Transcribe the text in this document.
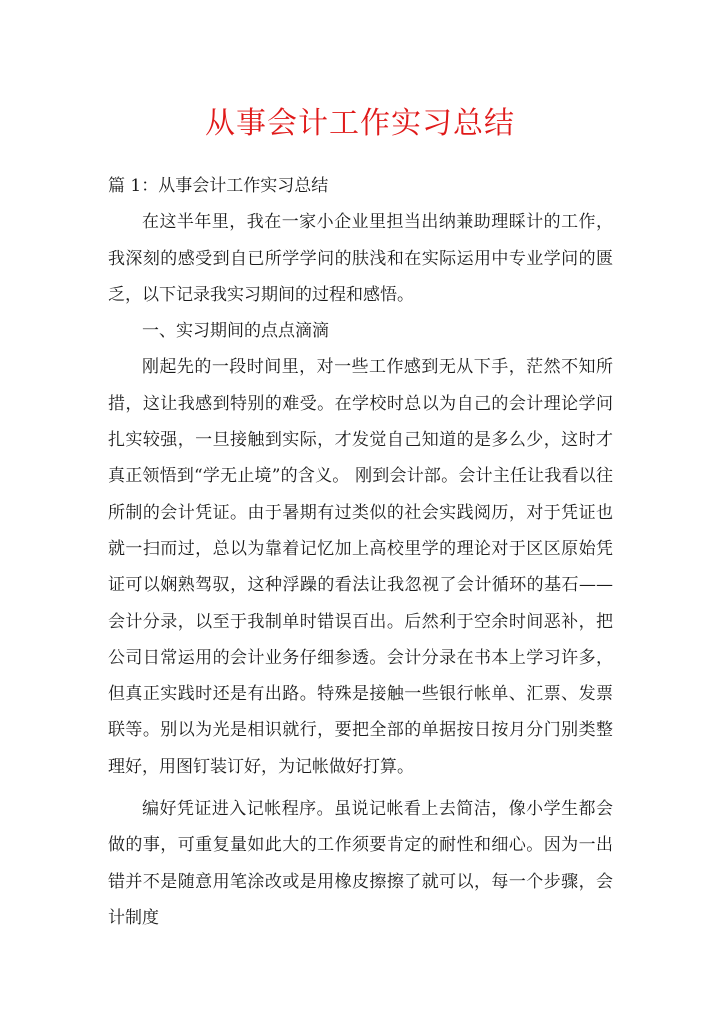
从事会计工作实习总结

篇 1：从事会计工作实习总结

在这半年里，我在一家小企业里担当出纳兼助理睬计的工作，我深刻的感受到自已所学学问的肤浅和在实际运用中专业学问的匮乏，以下记录我实习期间的过程和感悟。

一、实习期间的点点滴滴

刚起先的一段时间里，对一些工作感到无从下手，茫然不知所措，这让我感到特别的难受。在学校时总以为自己的会计理论学问扎实较强，一旦接触到实际，才发觉自己知道的是多么少，这时才真正领悟到“学无止境”的含义。 刚到会计部。会计主任让我看以往所制的会计凭证。由于暑期有过类似的社会实践阅历，对于凭证也就一扫而过，总以为靠着记忆加上高校里学的理论对于区区原始凭证可以娴熟驾驭，这种浮躁的看法让我忽视了会计循环的基石——会计分录，以至于我制单时错误百出。后然利于空余时间恶补，把公司日常运用的会计业务仔细参透。会计分录在书本上学习许多，但真正实践时还是有出路。特殊是接触一些银行帐单、汇票、发票联等。别以为光是相识就行，要把全部的单据按日按月分门别类整理好，用图钉装订好，为记帐做好打算。

编好凭证进入记帐程序。虽说记帐看上去简洁，像小学生都会做的事，可重复量如此大的工作须要肯定的耐性和细心。因为一出错并不是随意用笔涂改或是用橡皮擦擦了就可以，每一个步骤，会计制度
